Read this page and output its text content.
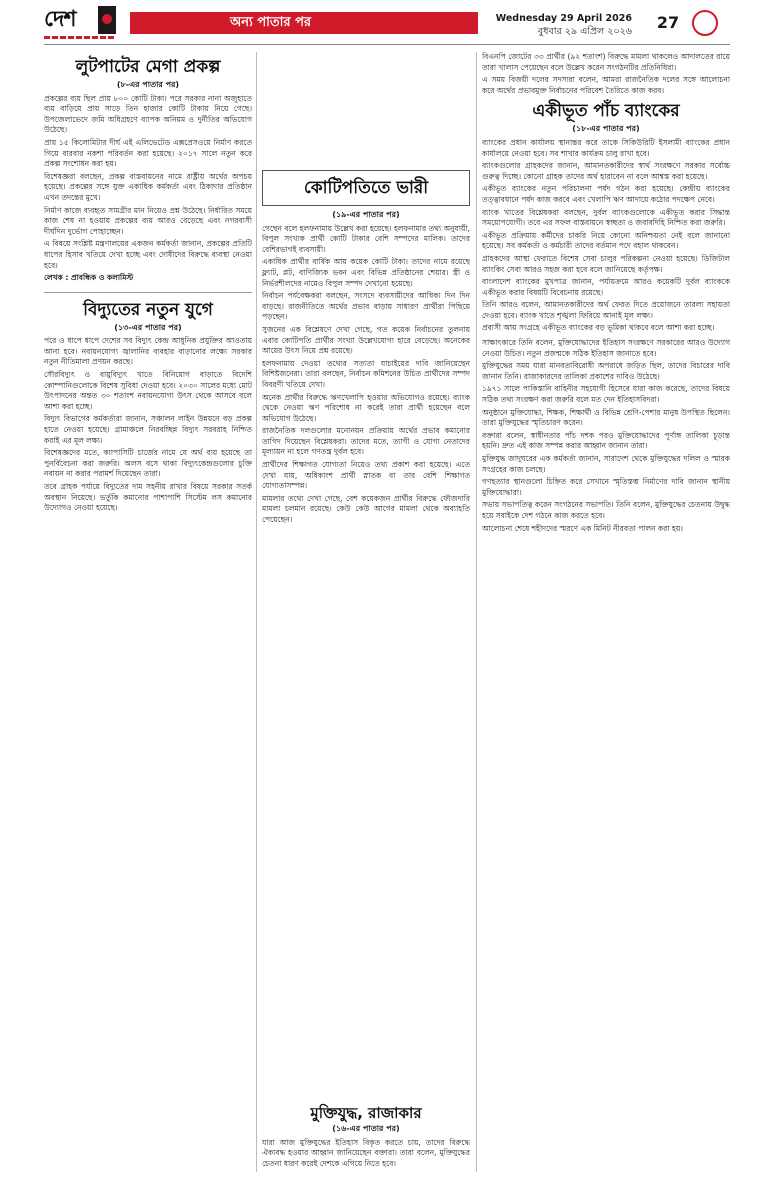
দেশ	অন্য পাতার পর	Wednesday 29 April 2026
বুধবার ২৯ এপ্রিল ২০২৬	27
লুটপাটের মেগা প্রকল্প
(৮-এর পাতার পর)

প্রকল্পের ব্যয় ছিল প্রায় ৮০০ কোটি টাকা। পরে সরকার নানা অজুহাতে ব্যয় বাড়িয়ে প্রায় সাড়ে তিন হাজার কোটি টাকায় নিয়ে গেছে। উপজেলাভেদে জমি অধিগ্রহণে ব্যাপক অনিয়ম ও দুর্নীতির অভিযোগ উঠেছে।

প্রায় ১৫ কিলোমিটার দীর্ঘ এই এলিভেটেড এক্সপ্রেসওয়ে নির্মাণ করতে গিয়ে বারবার নকশা পরিবর্তন করা হয়েছে। ২০১৭ সালে নতুন করে প্রকল্প সংশোধন করা হয়।

বিশেষজ্ঞরা বলছেন, প্রকল্প বাস্তবায়নের নামে রাষ্ট্রীয় অর্থের অপচয় হয়েছে। প্রকল্পের সঙ্গে যুক্ত একাধিক কর্মকর্তা এবং ঠিকাদার প্রতিষ্ঠান এখন তদন্তের মুখে।

নির্মাণ কাজে ব্যবহৃত সামগ্রীর মান নিয়েও প্রশ্ন উঠেছে। নির্ধারিত সময়ে কাজ শেষ না হওয়ায় প্রকল্পের ব্যয় আরও বেড়েছে এবং নগরবাসী দীর্ঘদিন দুর্ভোগ পোহাচ্ছেন।

এ বিষয়ে সংশ্লিষ্ট মন্ত্রণালয়ের একজন কর্মকর্তা জানান, প্রকল্পের প্রতিটি ধাপের হিসাব খতিয়ে দেখা হচ্ছে এবং দোষীদের বিরুদ্ধে ব্যবস্থা নেওয়া হবে।

লেখক : প্রাবন্ধিক ও কলামিস্ট

বিদ্যুতের নতুন যুগে
(১৩-এর পাতার পর)

পরে ও ধাপে ধাপে দেশের সব বিদ্যুৎ কেন্দ্র আধুনিক প্রযুক্তির আওতায় আনা হবে। নবায়নযোগ্য জ্বালানির ব্যবহার বাড়ানোর লক্ষ্যে সরকার নতুন নীতিমালা প্রণয়ন করছে।

সৌরবিদ্যুৎ ও বায়ুবিদ্যুৎ খাতে বিনিয়োগ বাড়াতে বিদেশি কোম্পানিগুলোকে বিশেষ সুবিধা দেওয়া হবে। ২০৩০ সালের মধ্যে মোট উৎপাদনের অন্তত ৩০ শতাংশ নবায়নযোগ্য উৎস থেকে আসবে বলে আশা করা হচ্ছে।

বিদ্যুৎ বিভাগের কর্মকর্তারা জানান, সঞ্চালন লাইন উন্নয়নে বড় প্রকল্প হাতে নেওয়া হয়েছে। গ্রামাঞ্চলে নিরবচ্ছিন্ন বিদ্যুৎ সরবরাহ নিশ্চিত করাই এর মূল লক্ষ্য।

বিশেষজ্ঞদের মতে, ক্যাপাসিটি চার্জের নামে যে অর্থ ব্যয় হয়েছে তা পুনর্বিবেচনা করা জরুরি। অলস বসে থাকা বিদ্যুৎকেন্দ্রগুলোর চুক্তি নবায়ন না করার পরামর্শ দিয়েছেন তারা।

তবে গ্রাহক পর্যায়ে বিদ্যুতের দাম সহনীয় রাখার বিষয়ে সরকার সতর্ক অবস্থান নিয়েছে। ভর্তুকি কমানোর পাশাপাশি সিস্টেম লস কমানোর উদ্যোগও নেওয়া হয়েছে।

কোটিপতিতে ভারী
(১৯-এর পাতার পর)

গেছেন বলে হলফনামায় উল্লেখ করা হয়েছে। হলফনামার তথ্য অনুযায়ী, বিপুল সংখ্যক প্রার্থী কোটি টাকার বেশি সম্পদের মালিক। তাদের বেশিরভাগই ব্যবসায়ী।

একাধিক প্রার্থীর বার্ষিক আয় কয়েক কোটি টাকা। তাদের নামে রয়েছে ফ্ল্যাট, প্লট, বাণিজ্যিক ভবন এবং বিভিন্ন প্রতিষ্ঠানের শেয়ার। স্ত্রী ও নির্ভরশীলদের নামেও বিপুল সম্পদ দেখানো হয়েছে।

নির্বাচন পর্যবেক্ষকরা বলছেন, সংসদে ব্যবসায়ীদের আধিক্য দিন দিন বাড়ছে। রাজনীতিতে অর্থের প্রভাব বাড়ায় সাধারণ প্রার্থীরা পিছিয়ে পড়ছেন।

সুজনের এক বিশ্লেষণে দেখা গেছে, গত কয়েক নির্বাচনের তুলনায় এবার কোটিপতি প্রার্থীর সংখ্যা উল্লেখযোগ্য হারে বেড়েছে। অনেকের আয়ের উৎস নিয়ে প্রশ্ন রয়েছে।

হলফনামায় দেওয়া তথ্যের সত্যতা যাচাইয়ের দাবি জানিয়েছেন বিশিষ্টজনেরা। তারা বলছেন, নির্বাচন কমিশনের উচিত প্রার্থীদের সম্পদ বিবরণী খতিয়ে দেখা।

অনেক প্রার্থীর বিরুদ্ধে ঋণখেলাপি হওয়ার অভিযোগও রয়েছে। ব্যাংক থেকে নেওয়া ঋণ পরিশোধ না করেই তারা প্রার্থী হয়েছেন বলে অভিযোগ উঠেছে।

রাজনৈতিক দলগুলোর মনোনয়ন প্রক্রিয়ায় অর্থের প্রভাব কমানোর তাগিদ দিয়েছেন বিশ্লেষকরা। তাদের মতে, ত্যাগী ও যোগ্য নেতাদের মূল্যায়ন না হলে গণতন্ত্র দুর্বল হবে।

প্রার্থীদের শিক্ষাগত যোগ্যতা নিয়েও তথ্য প্রকাশ করা হয়েছে। এতে দেখা যায়, অধিকাংশ প্রার্থী স্নাতক বা তার বেশি শিক্ষাগত যোগ্যতাসম্পন্ন।

মামলার তথ্যে দেখা গেছে, বেশ কয়েকজন প্রার্থীর বিরুদ্ধে ফৌজদারি মামলা চলমান রয়েছে। কেউ কেউ আগের মামলা থেকে অব্যাহতি পেয়েছেন।

বিএনপি জোটের ৩৩ প্রার্থীর (৯২ শতাংশ) বিরুদ্ধে মামলা থাকলেও আদালতের রায়ে তারা খালাস পেয়েছেন বলে উল্লেখ করেন সংগঠনটির প্রতিনিধিরা।

এ সময় বিজয়ী দলের সদস্যরা বলেন, আমরা রাজনৈতিক দলের সঙ্গে আলোচনা করে অর্থের প্রভাবমুক্ত নির্বাচনের পরিবেশ তৈরিতে কাজ করব।

একীভূত পাঁচ ব্যাংকের
(১৮-এর পাতার পর)

ব্যাংকের প্রধান কার্যালয় স্থানান্তর করে তাকে সিকিউরিটি ইসলামী ব্যাংকের প্রধান কার্যালয়ে নেওয়া হবে। সব শাখার কার্যক্রম চালু রাখা হবে।

ব্যাংকগুলোর গ্রাহকদের জানান, আমানতকারীদের স্বার্থ সংরক্ষণে সরকার সর্বোচ্চ গুরুত্ব দিচ্ছে। কোনো গ্রাহক তাদের অর্থ হারাবেন না বলে আশ্বস্ত করা হয়েছে।

একীভূত ব্যাংকের নতুন পরিচালনা পর্ষদ গঠন করা হয়েছে। কেন্দ্রীয় ব্যাংকের তত্ত্বাবধানে পর্ষদ কাজ করবে এবং খেলাপি ঋণ আদায়ে কঠোর পদক্ষেপ নেবে।

ব্যাংক খাতের বিশ্লেষকরা বলছেন, দুর্বল ব্যাংকগুলোকে একীভূত করার সিদ্ধান্ত সময়োপযোগী। তবে এর সফল বাস্তবায়নে স্বচ্ছতা ও জবাবদিহি নিশ্চিত করা জরুরি।

একীভূত প্রক্রিয়ায় কর্মীদের চাকরি নিয়ে কোনো অনিশ্চয়তা নেই বলে জানানো হয়েছে। সব কর্মকর্তা ও কর্মচারী তাদের বর্তমান পদে বহাল থাকবেন।

গ্রাহকদের আস্থা ফেরাতে বিশেষ সেবা চালুর পরিকল্পনা নেওয়া হয়েছে। ডিজিটাল ব্যাংকিং সেবা আরও সহজ করা হবে বলে জানিয়েছে কর্তৃপক্ষ।

বাংলাদেশ ব্যাংকের মুখপাত্র জানান, পর্যায়ক্রমে আরও কয়েকটি দুর্বল ব্যাংককে একীভূত করার বিষয়টি বিবেচনায় রয়েছে।

তিনি আরও বলেন, আমানতকারীদের অর্থ ফেরত দিতে প্রয়োজনে তারল্য সহায়তা দেওয়া হবে। ব্যাংক খাতে শৃঙ্খলা ফিরিয়ে আনাই মূল লক্ষ্য।

প্রবাসী আয় সংগ্রহে একীভূত ব্যাংকের বড় ভূমিকা থাকবে বলে আশা করা হচ্ছে।

সাক্ষাৎকারে তিনি বলেন, মুক্তিযোদ্ধাদের ইতিহাস সংরক্ষণে সরকারের আরও উদ্যোগ নেওয়া উচিত। নতুন প্রজন্মকে সঠিক ইতিহাস জানাতে হবে।

মুক্তিযুদ্ধের সময় যারা মানবতাবিরোধী অপরাধে জড়িত ছিল, তাদের বিচারের দাবি জানান তিনি। রাজাকারদের তালিকা প্রকাশের দাবিও উঠেছে।

১৯৭১ সালে পাকিস্তানি বাহিনীর সহযোগী হিসেবে যারা কাজ করেছে, তাদের বিষয়ে সঠিক তথ্য সংরক্ষণ করা জরুরি বলে মত দেন ইতিহাসবিদরা।

অনুষ্ঠানে মুক্তিযোদ্ধা, শিক্ষক, শিক্ষার্থী ও বিভিন্ন শ্রেণি-পেশার মানুষ উপস্থিত ছিলেন। তারা মুক্তিযুদ্ধের স্মৃতিচারণ করেন।

বক্তারা বলেন, স্বাধীনতার পাঁচ দশক পরও মুক্তিযোদ্ধাদের পূর্ণাঙ্গ তালিকা চূড়ান্ত হয়নি। দ্রুত এই কাজ সম্পন্ন করার আহ্বান জানান তারা।

মুক্তিযুদ্ধ জাদুঘরের এক কর্মকর্তা জানান, সারাদেশ থেকে মুক্তিযুদ্ধের দলিল ও স্মারক সংগ্রহের কাজ চলছে।

গণহত্যার স্থানগুলো চিহ্নিত করে সেখানে স্মৃতিস্তম্ভ নির্মাণের দাবি জানান স্থানীয় মুক্তিযোদ্ধারা।

সভায় সভাপতিত্ব করেন সংগঠনের সভাপতি। তিনি বলেন, মুক্তিযুদ্ধের চেতনায় উদ্বুদ্ধ হয়ে সবাইকে দেশ গঠনে কাজ করতে হবে।

আলোচনা শেষে শহীদদের স্মরণে এক মিনিট নীরবতা পালন করা হয়।

মুক্তিযুদ্ধ, রাজাকার
(১৬-এর পাতার পর)

যারা আজ মুক্তিযুদ্ধের ইতিহাস বিকৃত করতে চায়, তাদের বিরুদ্ধে ঐক্যবদ্ধ হওয়ার আহ্বান জানিয়েছেন বক্তারা। তারা বলেন, মুক্তিযুদ্ধের চেতনা ধারণ করেই দেশকে এগিয়ে নিতে হবে।
